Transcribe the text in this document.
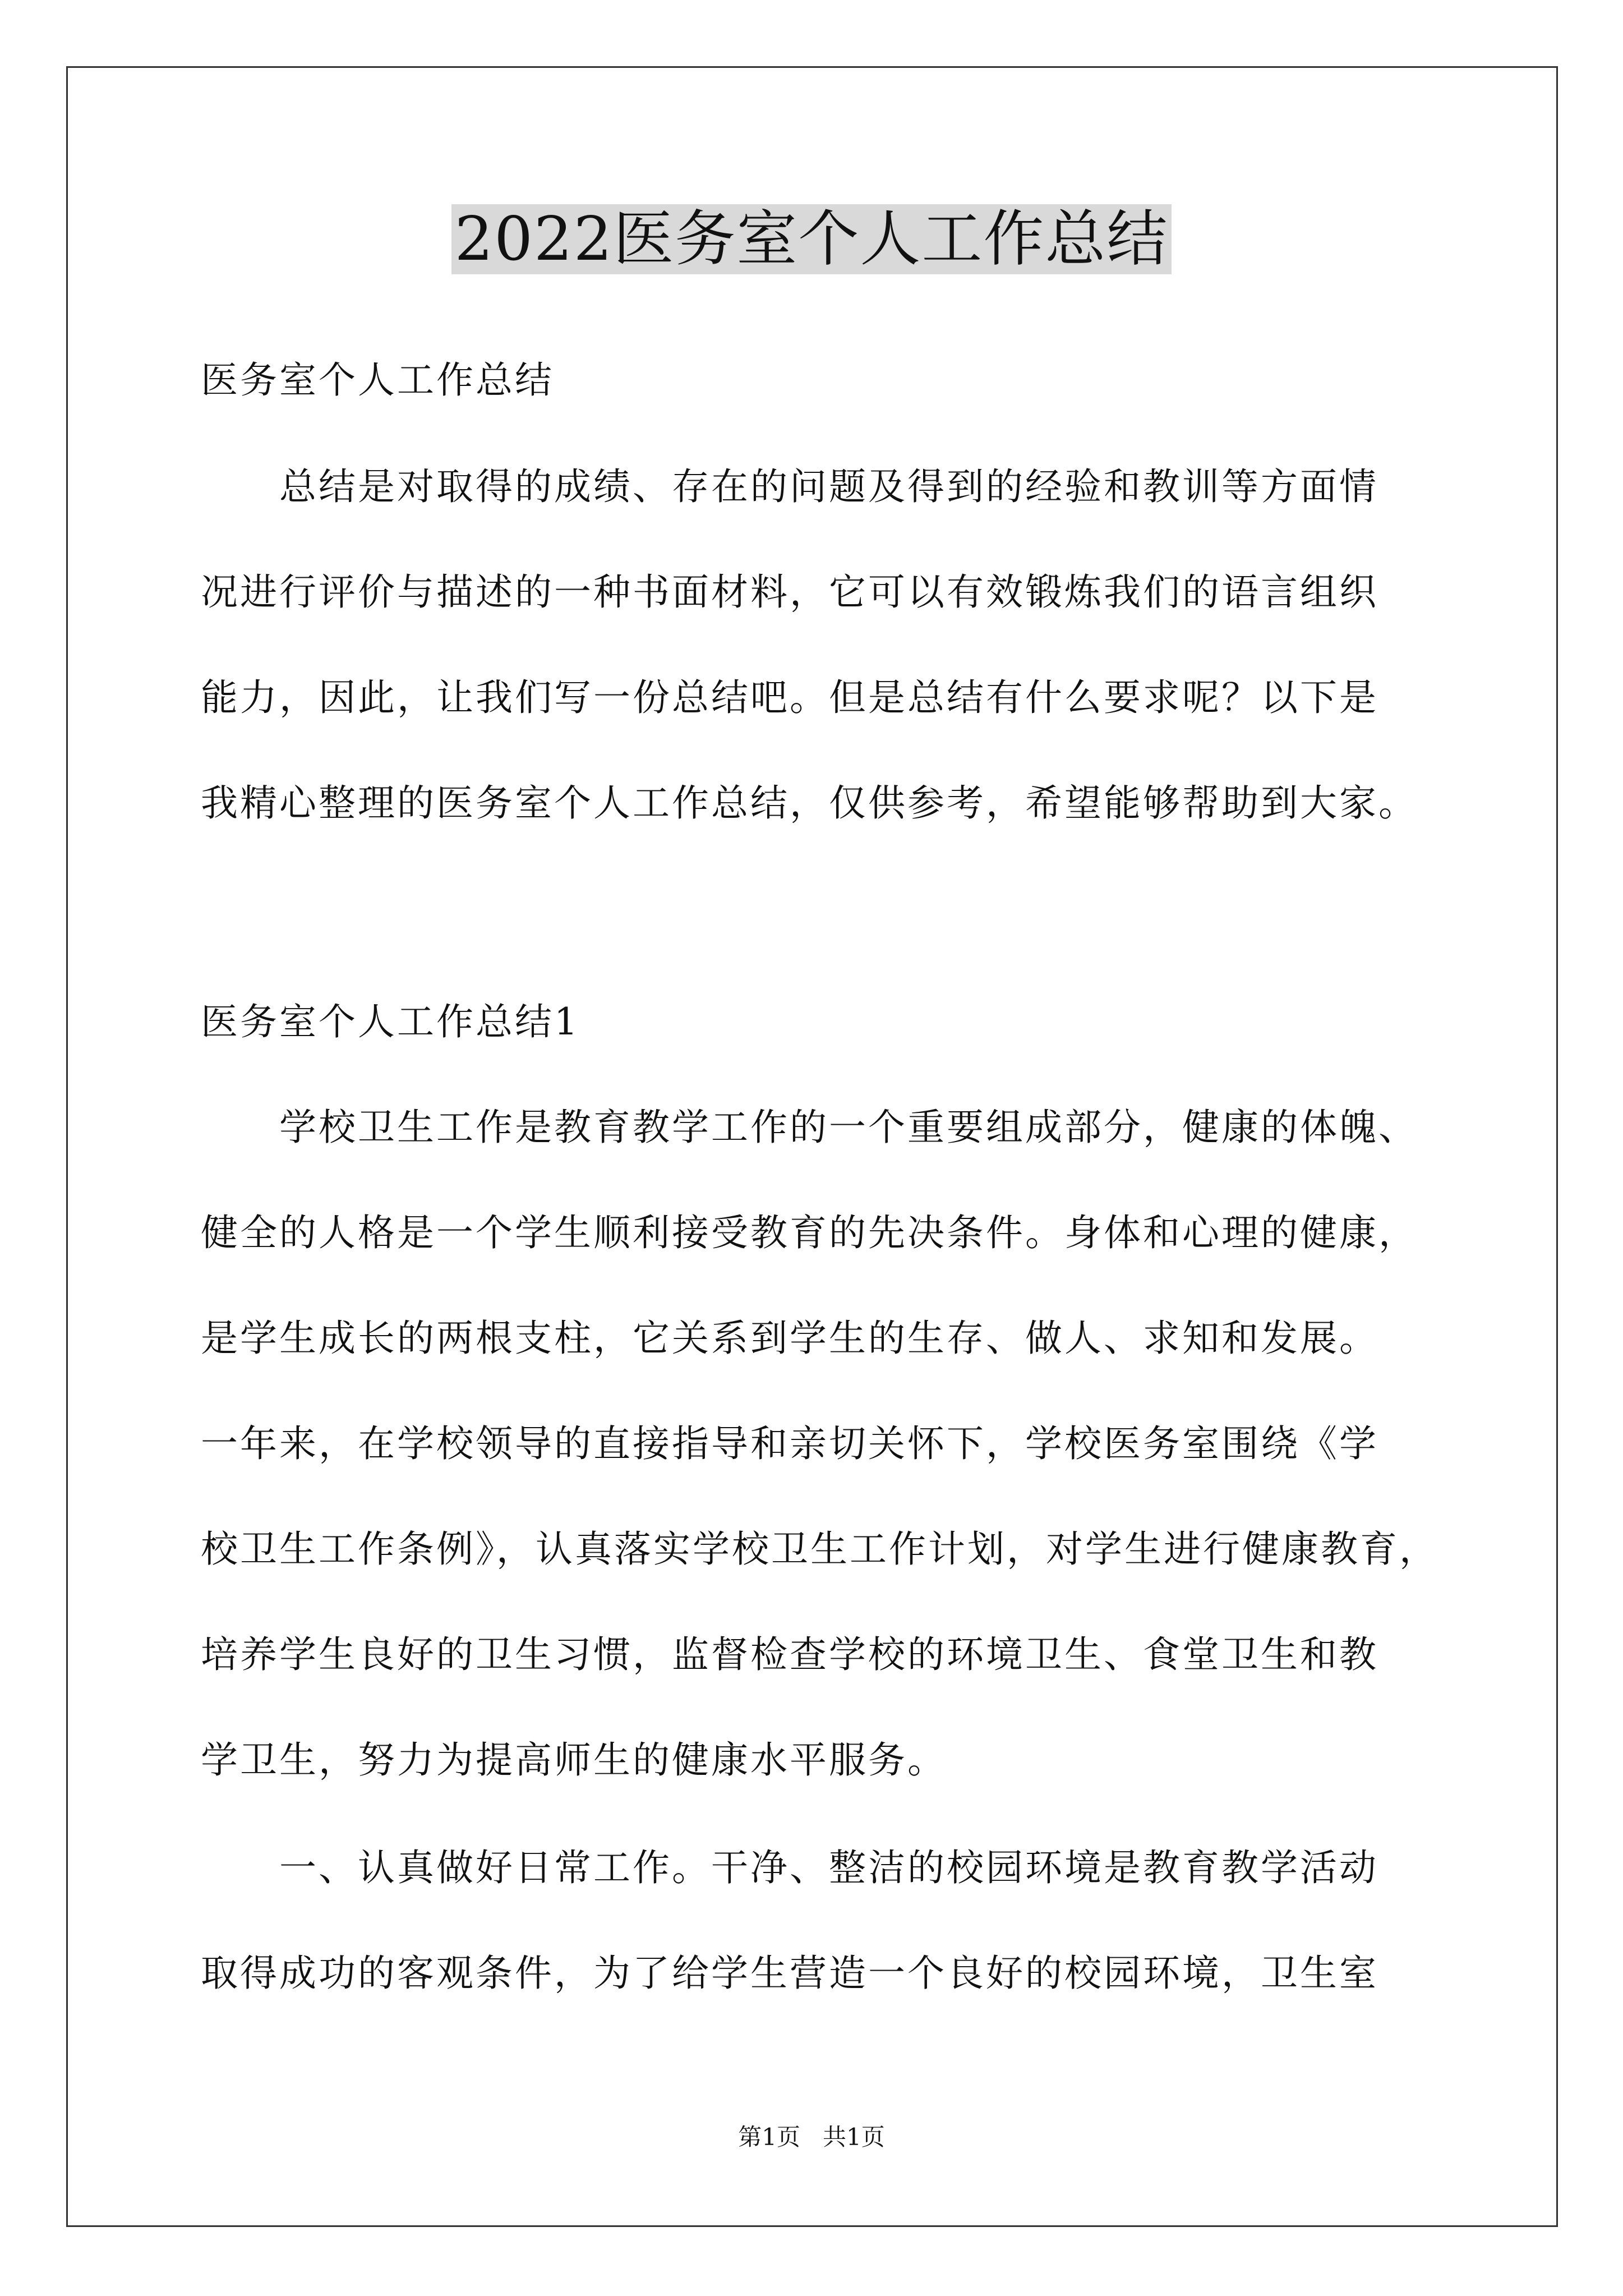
2022医务室个人工作总结
医务室个人工作总结
　　总结是对取得的成绩、存在的问题及得到的经验和教训等方面情
况进行评价与描述的一种书面材料，它可以有效锻炼我们的语言组织
能力，因此，让我们写一份总结吧。但是总结有什么要求呢？以下是
我精心整理的医务室个人工作总结，仅供参考，希望能够帮助到大家。
医务室个人工作总结1
　　学校卫生工作是教育教学工作的一个重要组成部分，健康的体魄、
健全的人格是一个学生顺利接受教育的先决条件。身体和心理的健康，
是学生成长的两根支柱，它关系到学生的生存、做人、求知和发展。
一年来，在学校领导的直接指导和亲切关怀下，学校医务室围绕《学
校卫生工作条例》，认真落实学校卫生工作计划，对学生进行健康教育，
培养学生良好的卫生习惯，监督检查学校的环境卫生、食堂卫生和教
学卫生，努力为提高师生的健康水平服务。
　　一、认真做好日常工作。干净、整洁的校园环境是教育教学活动
取得成功的客观条件，为了给学生营造一个良好的校园环境，卫生室
第1页 共1页
